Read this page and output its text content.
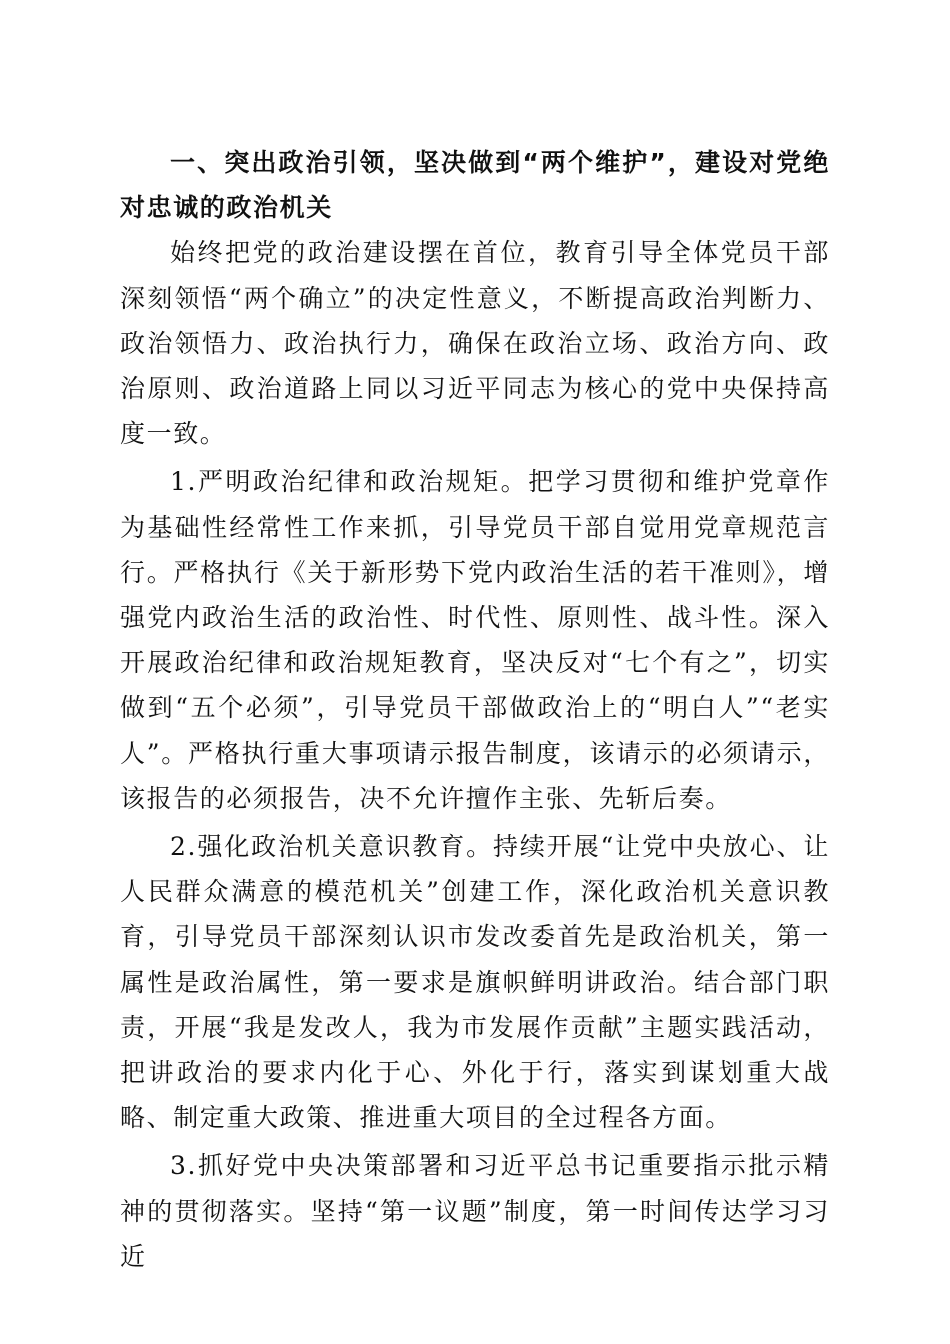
一、突出政治引领，坚决做到“两个维护”，建设对党绝对忠诚的政治机关

始终把党的政治建设摆在首位，教育引导全体党员干部深刻领悟“两个确立”的决定性意义，不断提高政治判断力、政治领悟力、政治执行力，确保在政治立场、政治方向、政治原则、政治道路上同以习近平同志为核心的党中央保持高度一致。

1.严明政治纪律和政治规矩。把学习贯彻和维护党章作为基础性经常性工作来抓，引导党员干部自觉用党章规范言行。严格执行《关于新形势下党内政治生活的若干准则》，增强党内政治生活的政治性、时代性、原则性、战斗性。深入开展政治纪律和政治规矩教育，坚决反对“七个有之”，切实做到“五个必须”，引导党员干部做政治上的“明白人”“老实人”。严格执行重大事项请示报告制度，该请示的必须请示，该报告的必须报告，决不允许擅作主张、先斩后奏。

2.强化政治机关意识教育。持续开展“让党中央放心、让人民群众满意的模范机关”创建工作，深化政治机关意识教育，引导党员干部深刻认识市发改委首先是政治机关，第一属性是政治属性，第一要求是旗帜鲜明讲政治。结合部门职责，开展“我是发改人，我为市发展作贡献”主题实践活动，把讲政治的要求内化于心、外化于行，落实到谋划重大战略、制定重大政策、推进重大项目的全过程各方面。

3.抓好党中央决策部署和习近平总书记重要指示批示精神的贯彻落实。坚持“第一议题”制度，第一时间传达学习习近
